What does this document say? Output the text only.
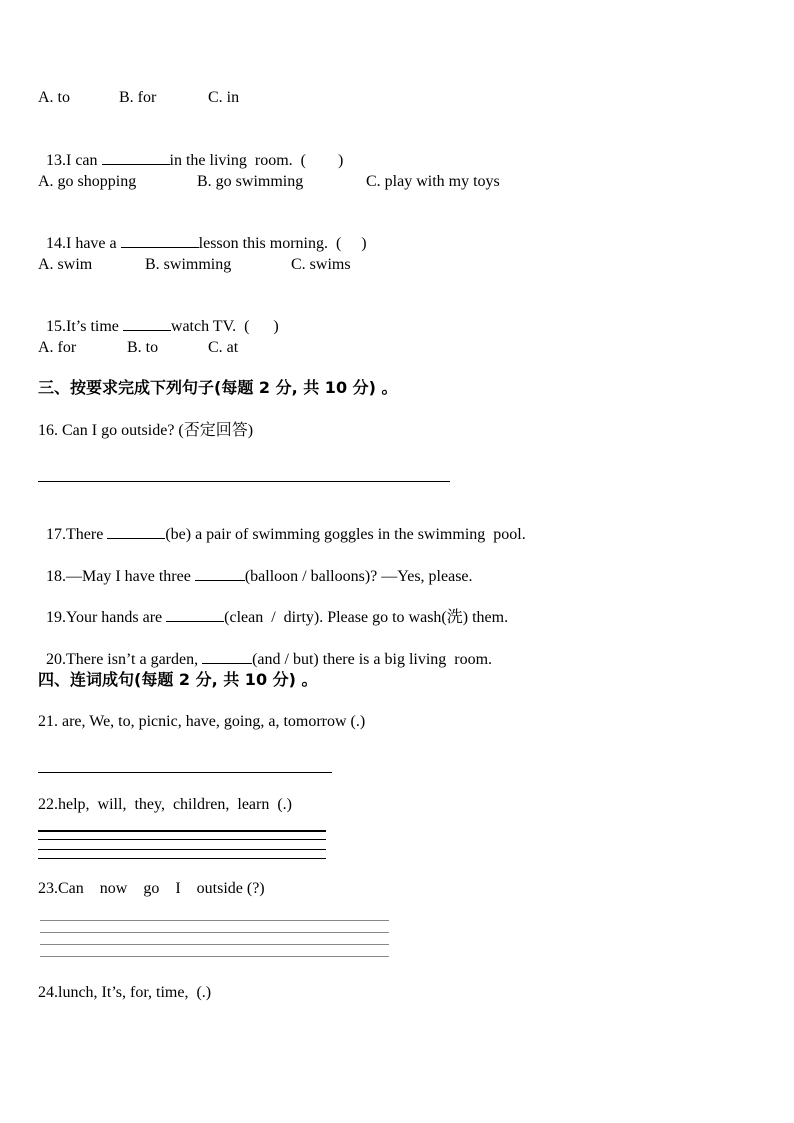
A. to	B. for	C. in

13.I can	in the living  room.  (        )

A. go shopping	B. go swimming	C. play with my toys

14.I have a	lesson this morning.  (     )

A. swim	B. swimming	C. swims

15.It’s time	watch TV.  (      )

A. for	B. to	C. at
三、按要求完成下列句子(每题 2 分, 共 10 分) 。
16. Can I go outside? (否定回答)

17.There	(be) a pair of swimming goggles in the swimming  pool.

18.—May I have three	(balloon / balloons)? —Yes, please.

19.Your hands are	(clean  /  dirty). Please go to wash(洗) them.

20.There isn’t a garden,	(and / but) there is a big living  room.

四、连词成句(每题 2 分, 共 10 分) 。
21. are, We, to, picnic, have, going, a, tomorrow (.)
22.help,  will,  they,  children,  learn  (.)
23.Can    now    go    I    outside (?)
24.lunch, It’s, for, time,  (.)
